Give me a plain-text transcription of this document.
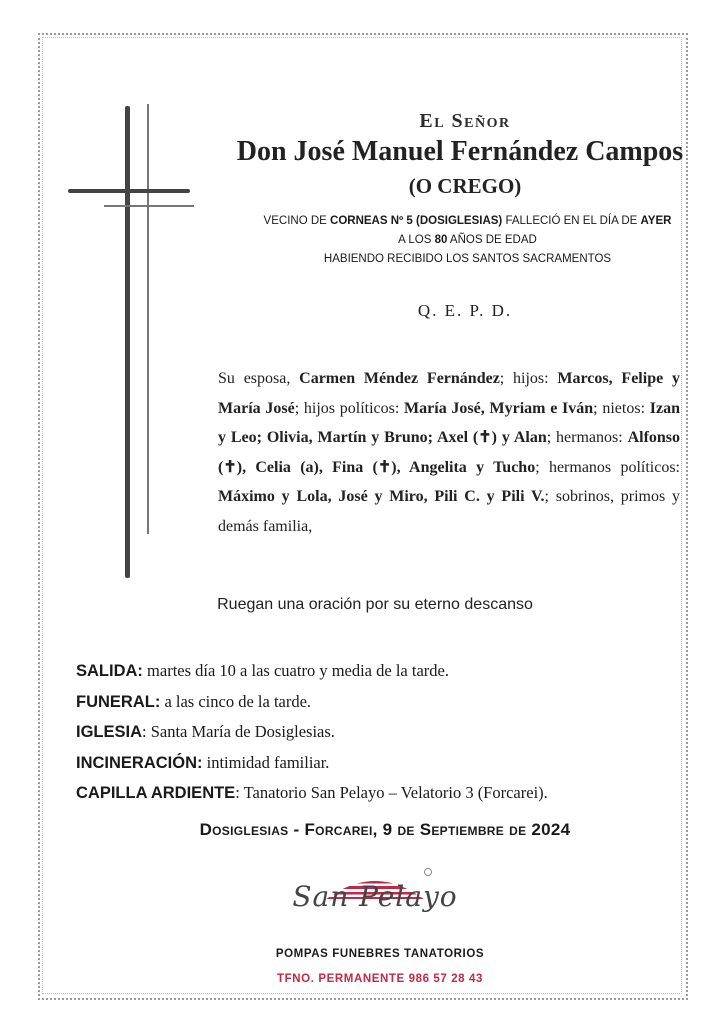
El Señor
Don José Manuel Fernández Campos
(O CREGO)
VECINO DE CORNEAS Nº 5 (DOSIGLESIAS) FALLECIÓ EN EL DÍA DE AYER
A LOS 80 AÑOS DE EDAD
HABIENDO RECIBIDO LOS SANTOS SACRAMENTOS
Q. E. P. D.
Su esposa, Carmen Méndez Fernández; hijos: Marcos, Felipe y María José; hijos políticos: María José, Myriam e Iván; nietos: Izan y Leo; Olivia, Martín y Bruno; Axel (✝) y Alan; hermanos: Alfonso (✝), Celia (a), Fina (✝), Angelita y Tucho; hermanos políticos: Máximo y Lola, José y Miro, Pili C. y Pili V.; sobrinos, primos y demás familia,
Ruegan una oración por su eterno descanso
SALIDA: martes día 10 a las cuatro y media de la tarde.
FUNERAL: a las cinco de la tarde.
IGLESIA: Santa María de Dosiglesias.
INCINERACIÓN: intimidad familiar.
CAPILLA ARDIENTE: Tanatorio San Pelayo – Velatorio 3 (Forcarei).
Dosiglesias - Forcarei, 9 de Septiembre de 2024
San Pelayo
POMPAS FUNEBRES TANATORIOS
TFNO. PERMANENTE 986 57 28 43
